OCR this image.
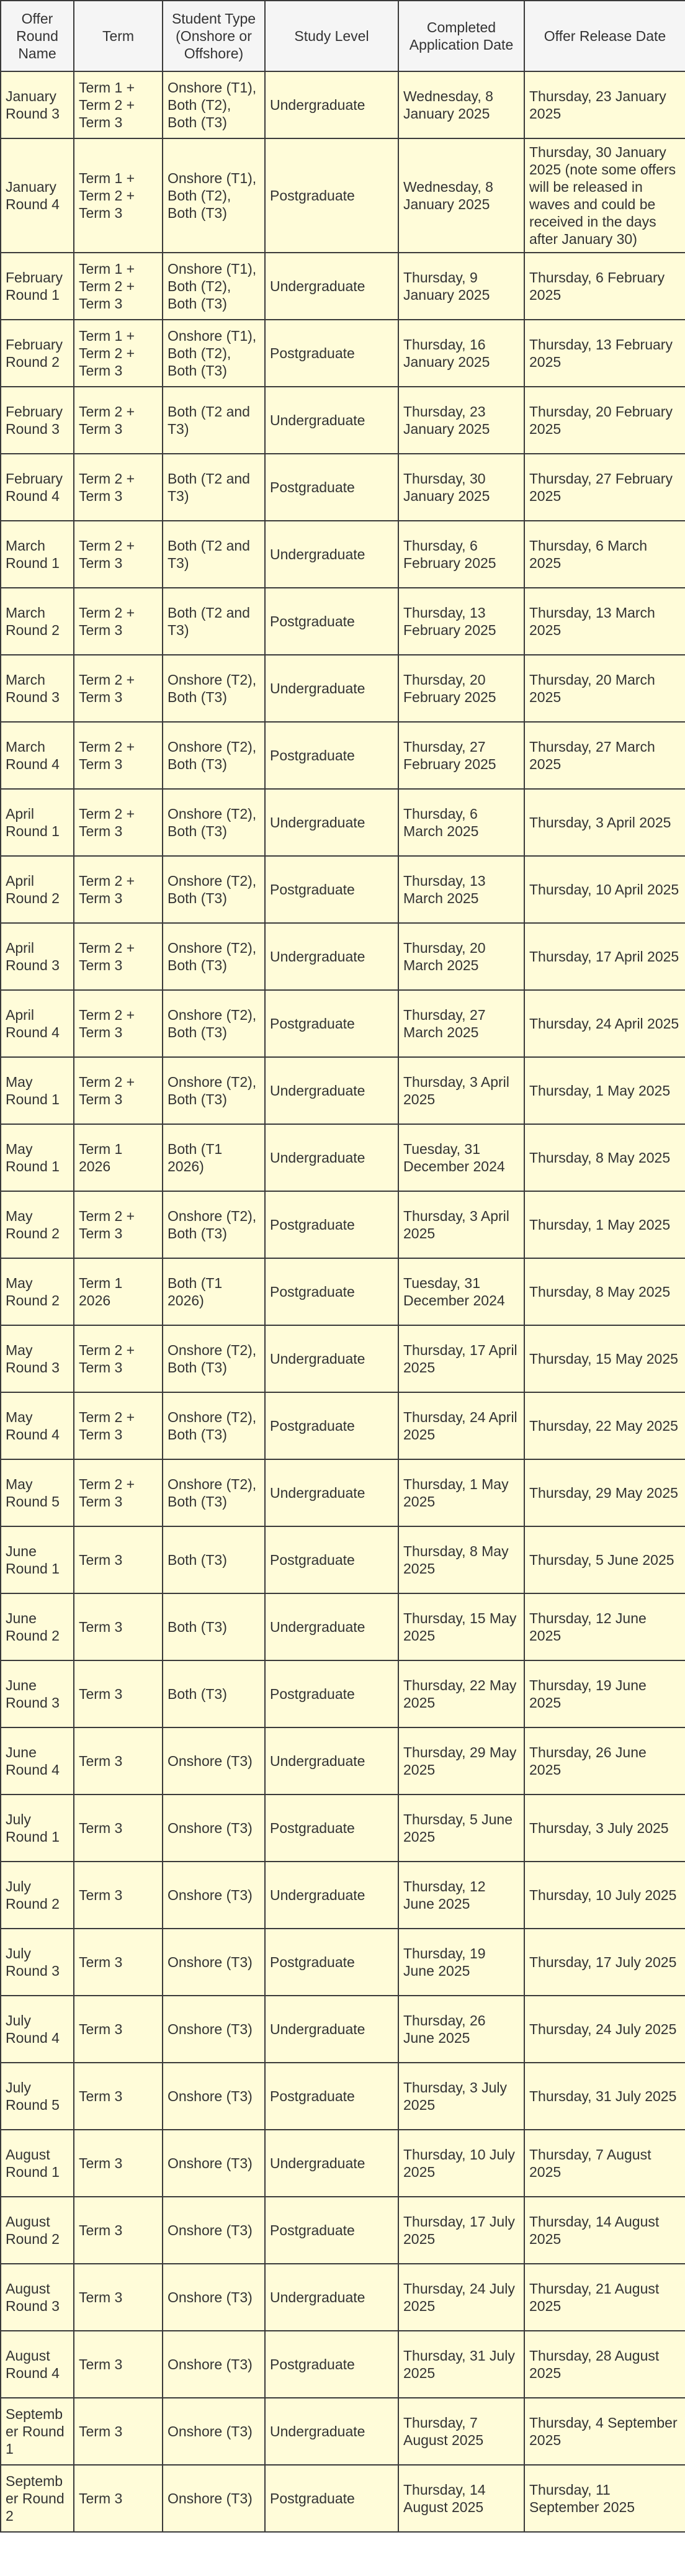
Offer Round Name	Term	Student Type (Onshore or Offshore)	Study Level	Completed Application Date	Offer Release Date
January Round 3	Term 1 + Term 2 + Term 3	Onshore (T1), Both (T2), Both (T3)	Undergraduate	Wednesday, 8 January 2025	Thursday, 23 January 2025
January Round 4	Term 1 + Term 2 + Term 3	Onshore (T1), Both (T2), Both (T3)	Postgraduate	Wednesday, 8 January 2025	Thursday, 30 January 2025 (note some offers will be released in waves and could be received in the days after January 30)
February Round 1	Term 1 + Term 2 + Term 3	Onshore (T1), Both (T2), Both (T3)	Undergraduate	Thursday, 9 January 2025	Thursday, 6 February 2025
February Round 2	Term 1 + Term 2 + Term 3	Onshore (T1), Both (T2), Both (T3)	Postgraduate	Thursday, 16 January 2025	Thursday, 13 February 2025
February Round 3	Term 2 + Term 3	Both (T2 and T3)	Undergraduate	Thursday, 23 January 2025	Thursday, 20 February 2025
February Round 4	Term 2 + Term 3	Both (T2 and T3)	Postgraduate	Thursday, 30 January 2025	Thursday, 27 February 2025
March Round 1	Term 2 + Term 3	Both (T2 and T3)	Undergraduate	Thursday, 6 February 2025	Thursday, 6 March 2025
March Round 2	Term 2 + Term 3	Both (T2 and T3)	Postgraduate	Thursday, 13 February 2025	Thursday, 13 March 2025
March Round 3	Term 2 + Term 3	Onshore (T2), Both (T3)	Undergraduate	Thursday, 20 February 2025	Thursday, 20 March 2025
March Round 4	Term 2 + Term 3	Onshore (T2), Both (T3)	Postgraduate	Thursday, 27 February 2025	Thursday, 27 March 2025
April Round 1	Term 2 + Term 3	Onshore (T2), Both (T3)	Undergraduate	Thursday, 6 March 2025	Thursday, 3 April 2025
April Round 2	Term 2 + Term 3	Onshore (T2), Both (T3)	Postgraduate	Thursday, 13 March 2025	Thursday, 10 April 2025
April Round 3	Term 2 + Term 3	Onshore (T2), Both (T3)	Undergraduate	Thursday, 20 March 2025	Thursday, 17 April 2025
April Round 4	Term 2 + Term 3	Onshore (T2), Both (T3)	Postgraduate	Thursday, 27 March 2025	Thursday, 24 April 2025
May Round 1	Term 2 + Term 3	Onshore (T2), Both (T3)	Undergraduate	Thursday, 3 April 2025	Thursday, 1 May 2025
May Round 1	Term 1 2026	Both (T1 2026)	Undergraduate	Tuesday, 31 December 2024	Thursday, 8 May 2025
May Round 2	Term 2 + Term 3	Onshore (T2), Both (T3)	Postgraduate	Thursday, 3 April 2025	Thursday, 1 May 2025
May Round 2	Term 1 2026	Both (T1 2026)	Postgraduate	Tuesday, 31 December 2024	Thursday, 8 May 2025
May Round 3	Term 2 + Term 3	Onshore (T2), Both (T3)	Undergraduate	Thursday, 17 April 2025	Thursday, 15 May 2025
May Round 4	Term 2 + Term 3	Onshore (T2), Both (T3)	Postgraduate	Thursday, 24 April 2025	Thursday, 22 May 2025
May Round 5	Term 2 + Term 3	Onshore (T2), Both (T3)	Undergraduate	Thursday, 1 May 2025	Thursday, 29 May 2025
June Round 1	Term 3	Both (T3)	Postgraduate	Thursday, 8 May 2025	Thursday, 5 June 2025
June Round 2	Term 3	Both (T3)	Undergraduate	Thursday, 15 May 2025	Thursday, 12 June 2025
June Round 3	Term 3	Both (T3)	Postgraduate	Thursday, 22 May 2025	Thursday, 19 June 2025
June Round 4	Term 3	Onshore (T3)	Undergraduate	Thursday, 29 May 2025	Thursday, 26 June 2025
July Round 1	Term 3	Onshore (T3)	Postgraduate	Thursday, 5 June 2025	Thursday, 3 July 2025
July Round 2	Term 3	Onshore (T3)	Undergraduate	Thursday, 12 June 2025	Thursday, 10 July 2025
July Round 3	Term 3	Onshore (T3)	Postgraduate	Thursday, 19 June 2025	Thursday, 17 July 2025
July Round 4	Term 3	Onshore (T3)	Undergraduate	Thursday, 26 June 2025	Thursday, 24 July 2025
July Round 5	Term 3	Onshore (T3)	Postgraduate	Thursday, 3 July 2025	Thursday, 31 July 2025
August Round 1	Term 3	Onshore (T3)	Undergraduate	Thursday, 10 July 2025	Thursday, 7 August 2025
August Round 2	Term 3	Onshore (T3)	Postgraduate	Thursday, 17 July 2025	Thursday, 14 August 2025
August Round 3	Term 3	Onshore (T3)	Undergraduate	Thursday, 24 July 2025	Thursday, 21 August 2025
August Round 4	Term 3	Onshore (T3)	Postgraduate	Thursday, 31 July 2025	Thursday, 28 August 2025
September Round 1	Term 3	Onshore (T3)	Undergraduate	Thursday, 7 August 2025	Thursday, 4 September 2025
September Round 2	Term 3	Onshore (T3)	Postgraduate	Thursday, 14 August 2025	Thursday, 11 September 2025
